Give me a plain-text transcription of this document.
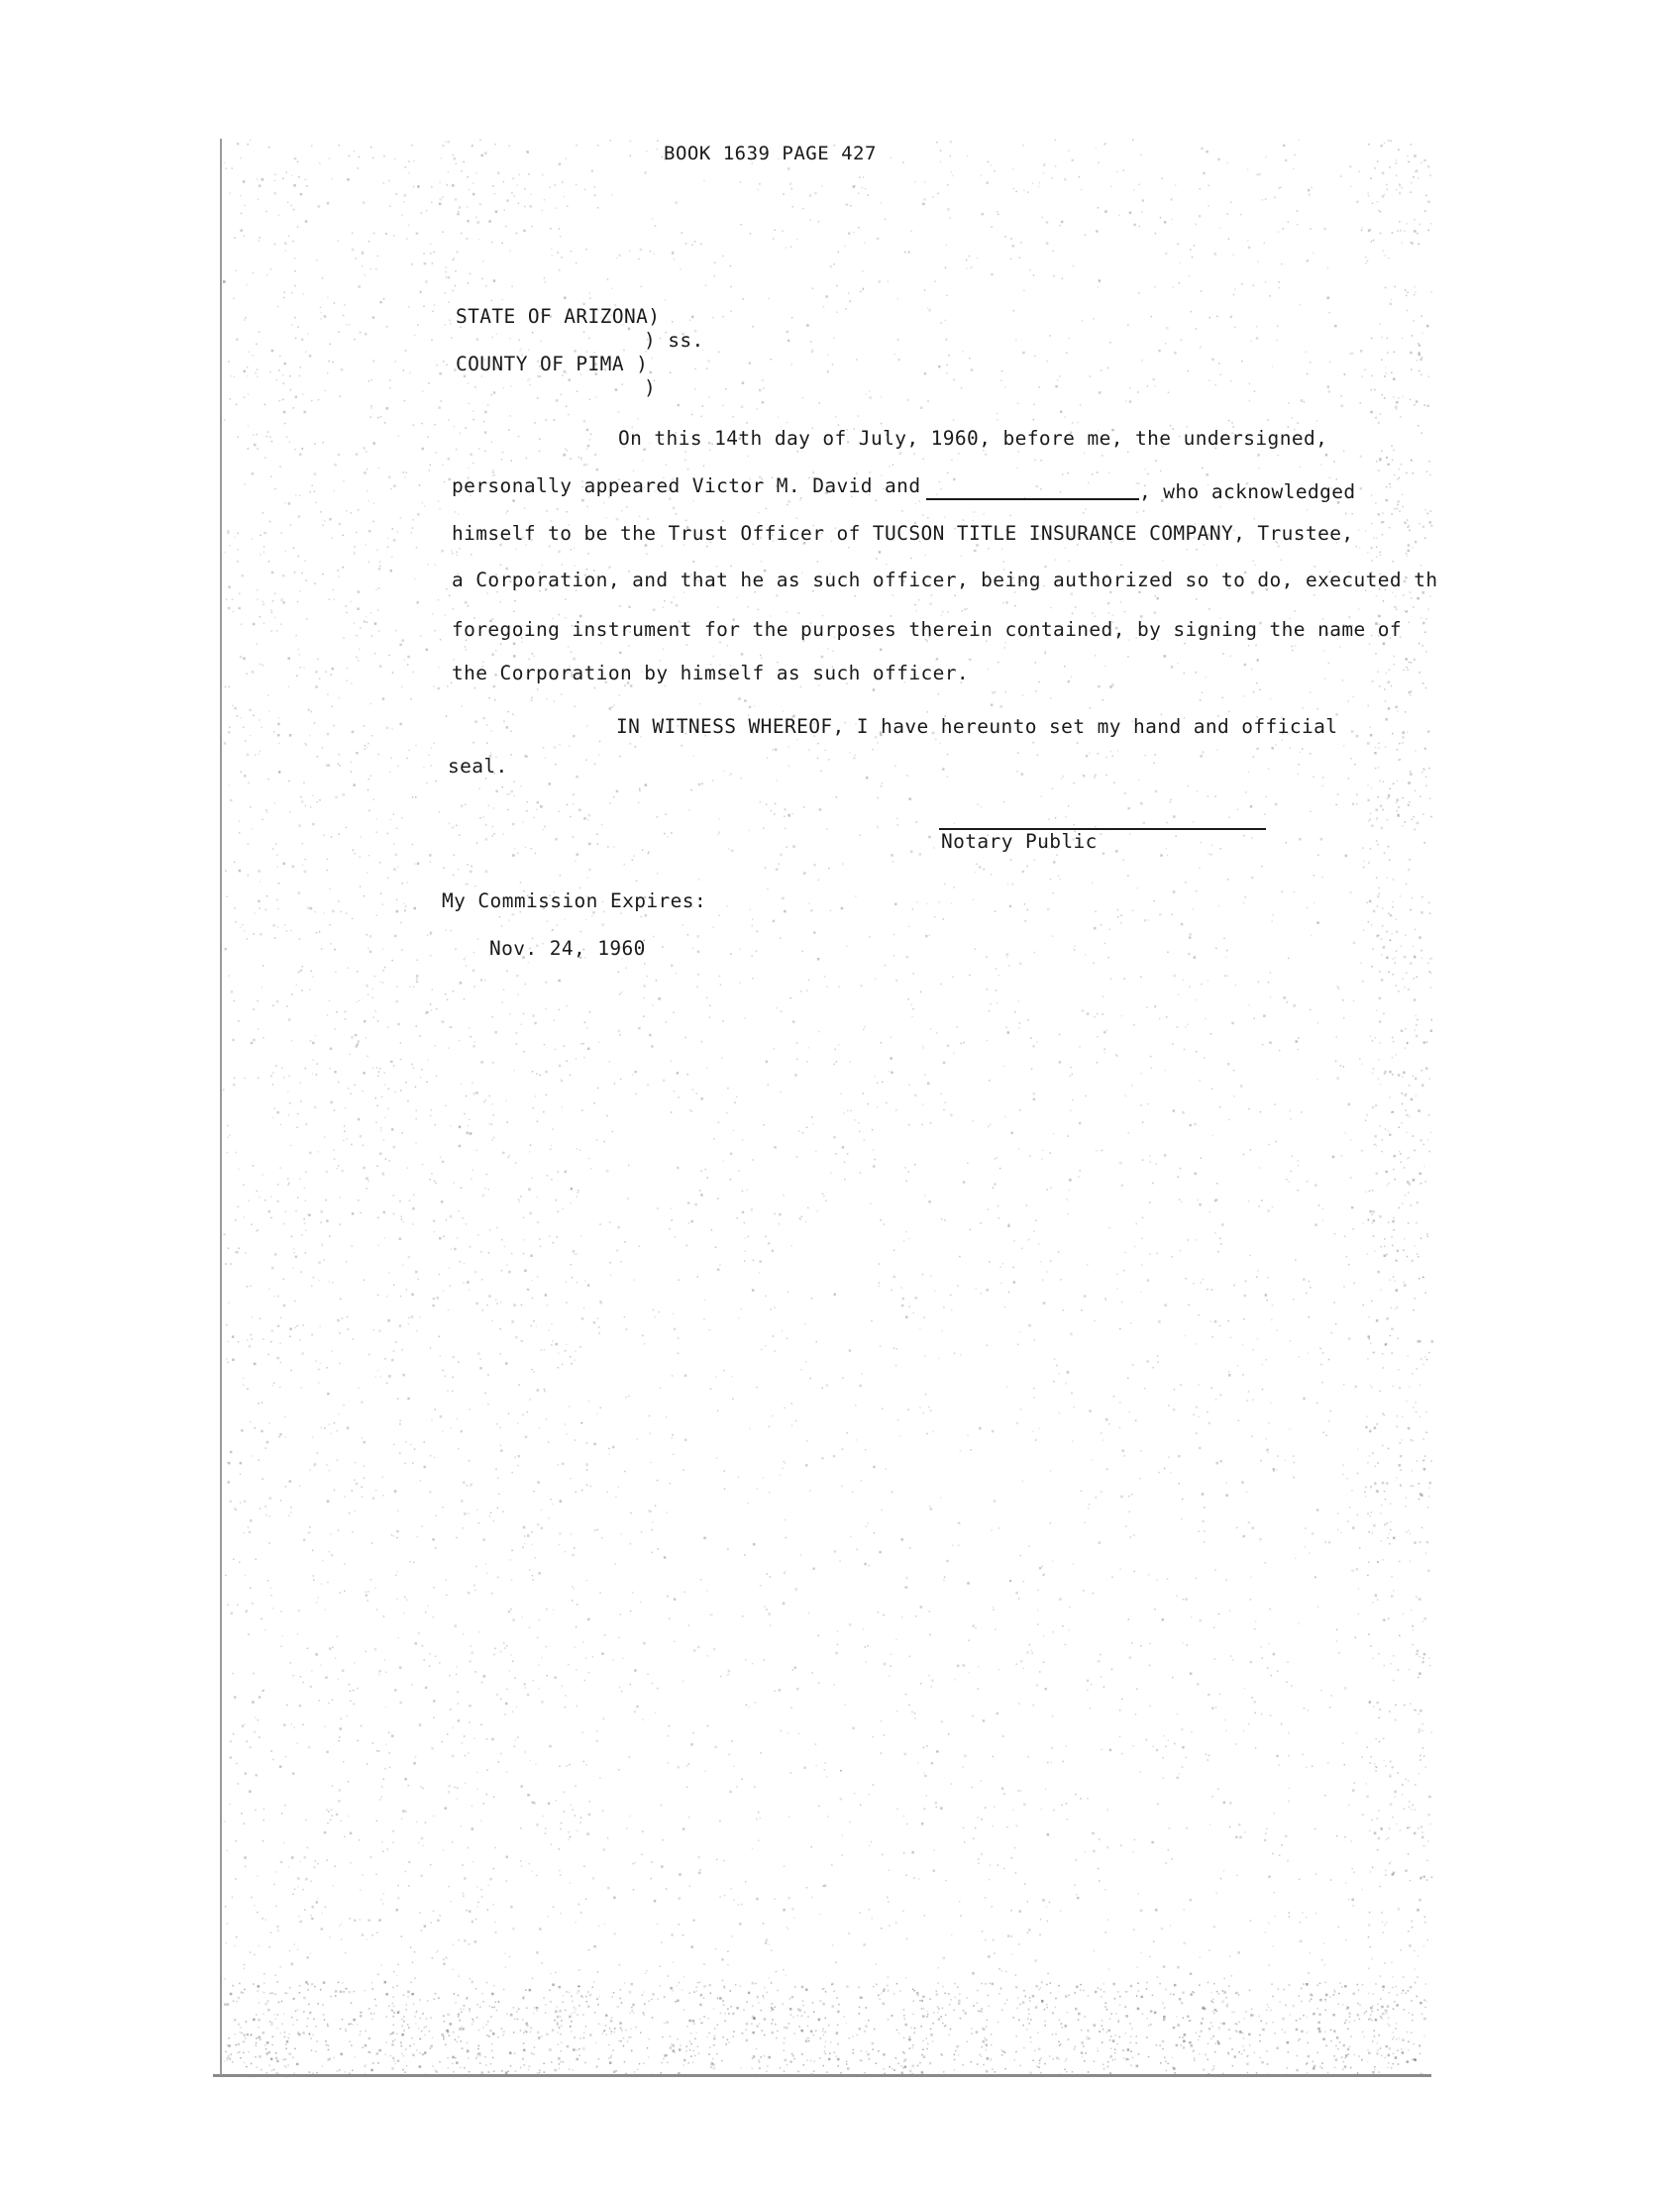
BOOK 1639 PAGE 427
STATE OF ARIZONA)
) ss.
COUNTY OF PIMA )
)
On this 14th day of July, 1960, before me, the undersigned,
personally appeared Victor M. David and	, who acknowledged
himself to be the Trust Officer of TUCSON TITLE INSURANCE COMPANY, Trustee,
a Corporation, and that he as such officer, being authorized so to do, executed th
foregoing instrument for the purposes therein contained, by signing the name of
the Corporation by himself as such officer.
IN WITNESS WHEREOF, I have hereunto set my hand and official
seal.
Notary Public
My Commission Expires:
Nov. 24, 1960
